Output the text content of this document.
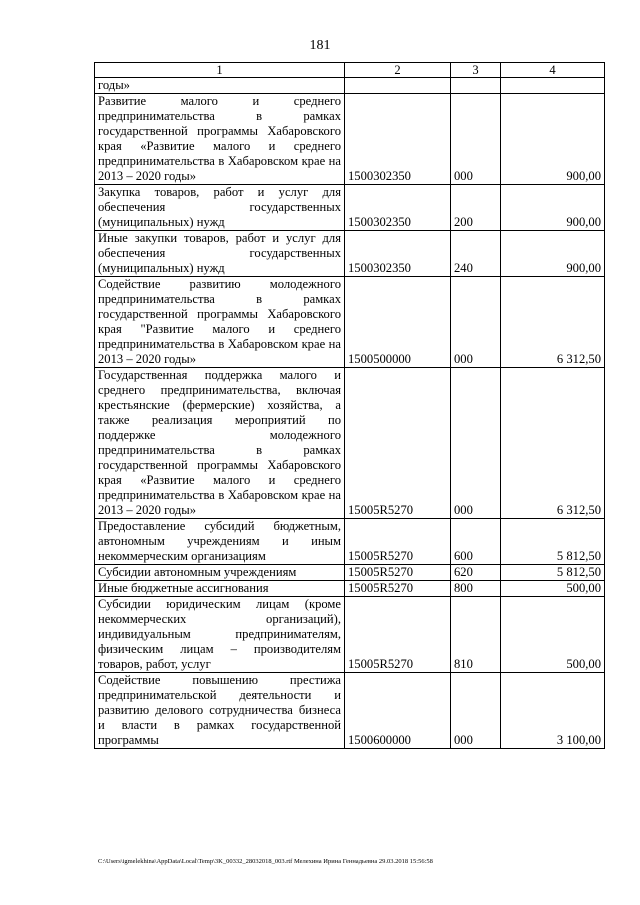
181
1	2	3	4
годы»			
Развитие малого и среднего предпринимательства в рамках государственной программы Хабаровского края «Развитие малого и среднего предпринимательства в Хабаровском крае на 2013 – 2020 годы»	1500302350	000	900,00
Закупка товаров, работ и услуг для обеспечения государственных (муниципальных) нужд	1500302350	200	900,00
Иные закупки товаров, работ и услуг для обеспечения государственных (муниципальных) нужд	1500302350	240	900,00
Содействие развитию молодежного предпринимательства в рамках государственной программы Хабаровского края "Развитие малого и среднего предпринимательства в Хабаровском крае на 2013 – 2020 годы»	1500500000	000	6 312,50
Государственная поддержка малого и среднего предпринимательства, включая крестьянские (фермерские) хозяйства, а также реализация мероприятий по поддержке молодежного предпринимательства в рамках государственной программы Хабаровского края «Развитие малого и среднего предпринимательства в Хабаровском крае на 2013 – 2020 годы»	15005R5270	000	6 312,50
Предоставление субсидий бюджетным, автономным учреждениям и иным некоммерческим организациям	15005R5270	600	5 812,50
Субсидии автономным учреждениям	15005R5270	620	5 812,50
Иные бюджетные ассигнования	15005R5270	800	500,00
Субсидии юридическим лицам (кроме некоммерческих организаций), индивидуальным предпринимателям, физическим лицам – производителям товаров, работ, услуг	15005R5270	810	500,00
Содействие повышению престижа предпринимательской деятельности и развитию делового сотрудничества бизнеса и власти в рамках государственной программы	1500600000	000	3 100,00
C:\Users\igmelekhina\AppData\Local\Temp\3K_00332_28032018_003.rtf Мелехина Ирина Геннадьевна 29.03.2018 15:56:58
